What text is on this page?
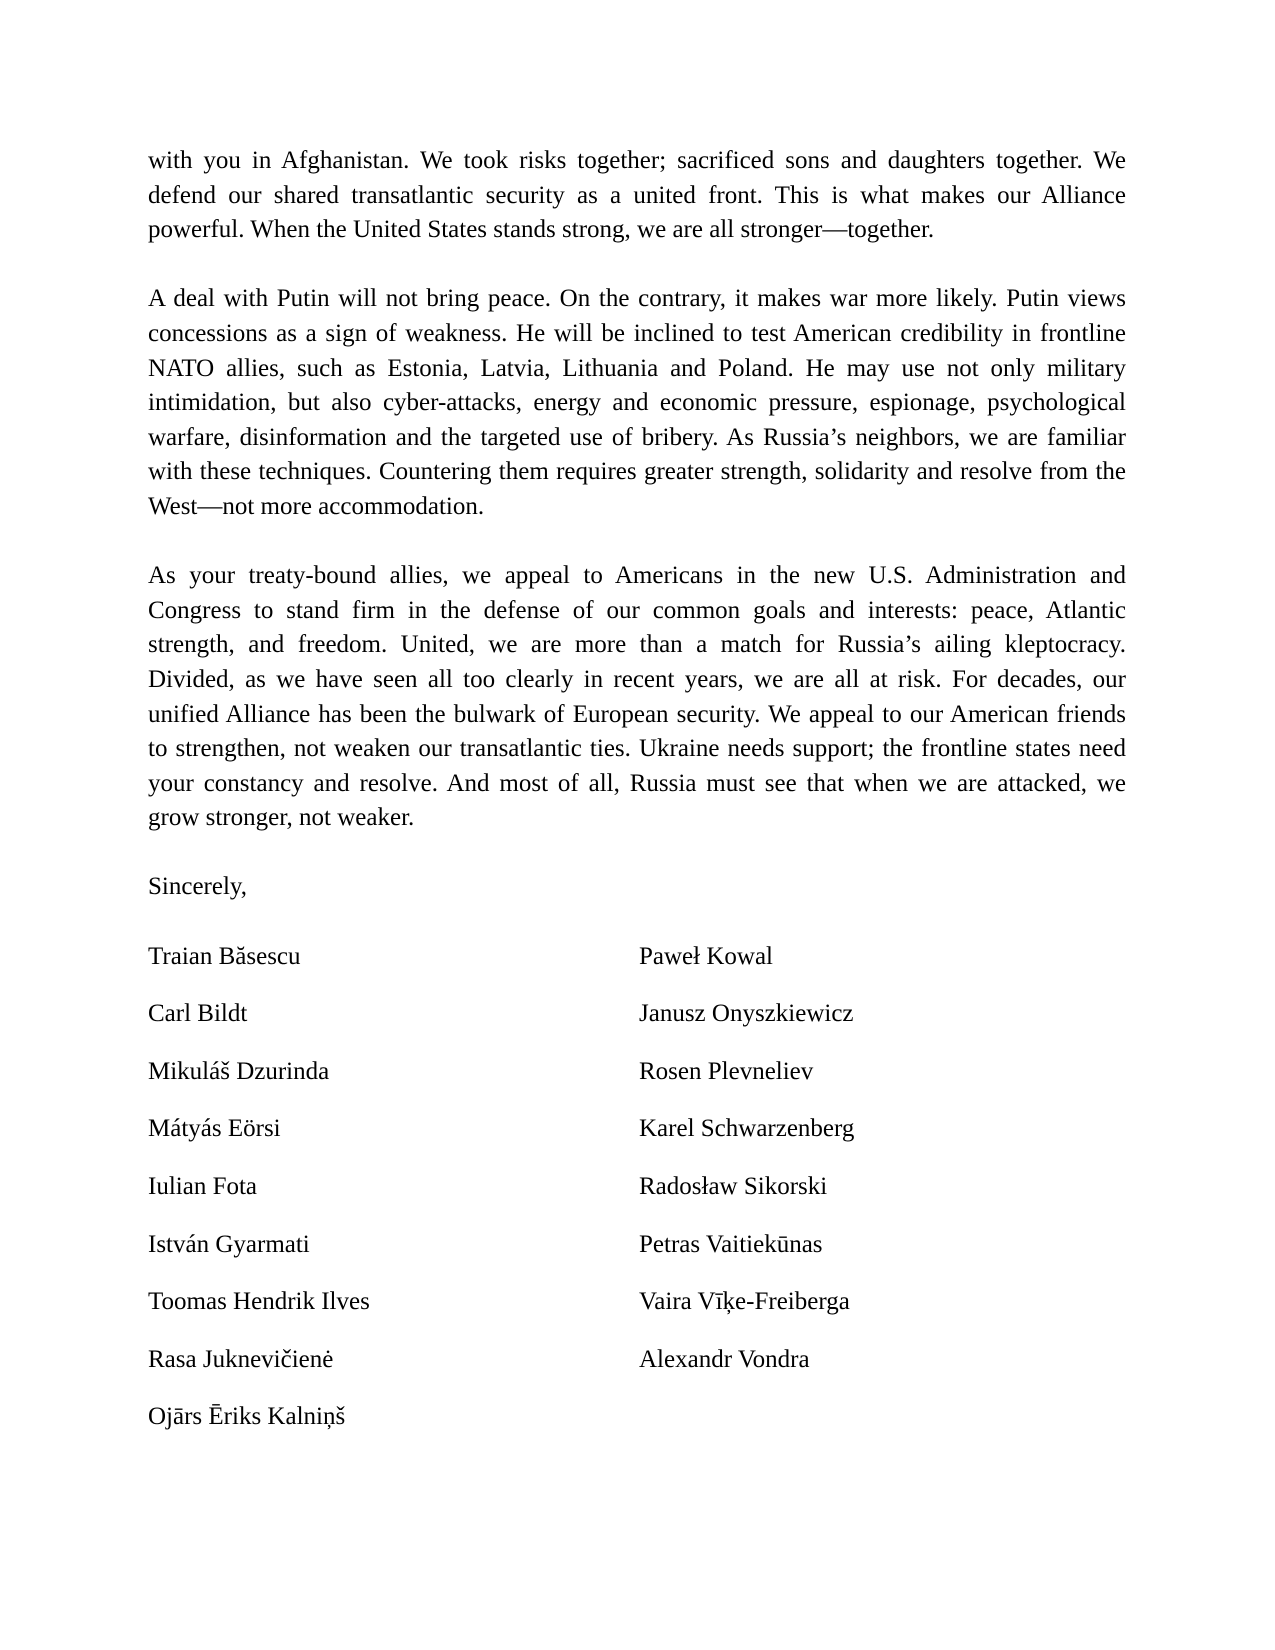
with you in Afghanistan. We took risks together; sacrificed sons and daughters together. We
defend our shared transatlantic security as a united front. This is what makes our Alliance
powerful. When the United States stands strong, we are all stronger—together.
A deal with Putin will not bring peace. On the contrary, it makes war more likely. Putin views
concessions as a sign of weakness. He will be inclined to test American credibility in frontline
NATO allies, such as Estonia, Latvia, Lithuania and Poland. He may use not only military
intimidation, but also cyber-attacks, energy and economic pressure, espionage, psychological
warfare, disinformation and the targeted use of bribery. As Russia’s neighbors, we are familiar
with these techniques. Countering them requires greater strength, solidarity and resolve from the
West—not more accommodation.
As your treaty-bound allies, we appeal to Americans in the new U.S. Administration and
Congress to stand firm in the defense of our common goals and interests: peace, Atlantic
strength, and freedom. United, we are more than a match for Russia’s ailing kleptocracy.
Divided, as we have seen all too clearly in recent years, we are all at risk. For decades, our
unified Alliance has been the bulwark of European security. We appeal to our American friends
to strengthen, not weaken our transatlantic ties. Ukraine needs support; the frontline states need
your constancy and resolve. And most of all, Russia must see that when we are attacked, we
grow stronger, not weaker.
Sincerely,
Traian Băsescu
Carl Bildt
Mikuláš Dzurinda
Mátyás Eörsi
Iulian Fota
István Gyarmati
Toomas Hendrik Ilves
Rasa Juknevičienė
Ojārs Ēriks Kalniņš
Paweł Kowal
Janusz Onyszkiewicz
Rosen Plevneliev
Karel Schwarzenberg
Radosław Sikorski
Petras Vaitiekūnas
Vaira Vīķe-Freiberga
Alexandr Vondra
